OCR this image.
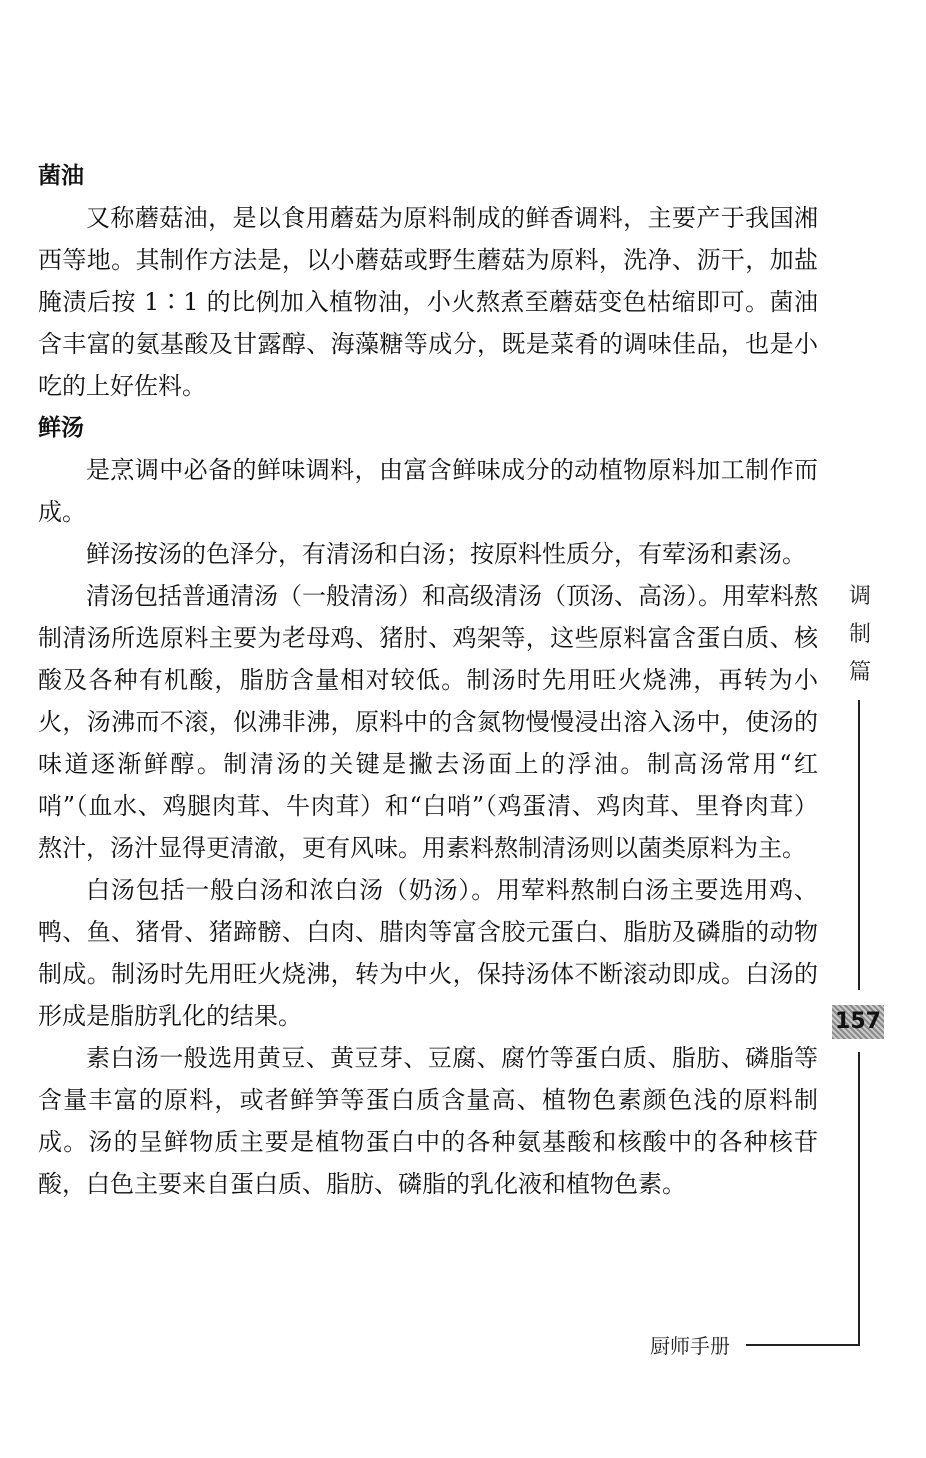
菌油

又称蘑菇油，是以食用蘑菇为原料制成的鲜香调料，主要产于我国湘西等地。其制作方法是，以小蘑菇或野生蘑菇为原料，洗净、沥干，加盐腌渍后按 1∶1 的比例加入植物油，小火熬煮至蘑菇变色枯缩即可。菌油含丰富的氨基酸及甘露醇、海藻糖等成分，既是菜肴的调味佳品，也是小吃的上好佐料。

鲜汤

是烹调中必备的鲜味调料，由富含鲜味成分的动植物原料加工制作而成。

鲜汤按汤的色泽分，有清汤和白汤；按原料性质分，有荤汤和素汤。

清汤包括普通清汤（一般清汤）和高级清汤（顶汤、高汤）。用荤料熬制清汤所选原料主要为老母鸡、猪肘、鸡架等，这些原料富含蛋白质、核酸及各种有机酸，脂肪含量相对较低。制汤时先用旺火烧沸，再转为小火，汤沸而不滚，似沸非沸，原料中的含氮物慢慢浸出溶入汤中，使汤的味道逐渐鲜醇。制清汤的关键是撇去汤面上的浮油。制高汤常用“红哨”（血水、鸡腿肉茸、牛肉茸）和“白哨”（鸡蛋清、鸡肉茸、里脊肉茸）熬汁，汤汁显得更清澈，更有风味。用素料熬制清汤则以菌类原料为主。

白汤包括一般白汤和浓白汤（奶汤）。用荤料熬制白汤主要选用鸡、鸭、鱼、猪骨、猪蹄髈、白肉、腊肉等富含胶元蛋白、脂肪及磷脂的动物制成。制汤时先用旺火烧沸，转为中火，保持汤体不断滚动即成。白汤的形成是脂肪乳化的结果。

素白汤一般选用黄豆、黄豆芽、豆腐、腐竹等蛋白质、脂肪、磷脂等含量丰富的原料，或者鲜笋等蛋白质含量高、植物色素颜色浅的原料制成。汤的呈鲜物质主要是植物蛋白中的各种氨基酸和核酸中的各种核苷酸，白色主要来自蛋白质、脂肪、磷脂的乳化液和植物色素。

调
制
篇
157
厨师手册
